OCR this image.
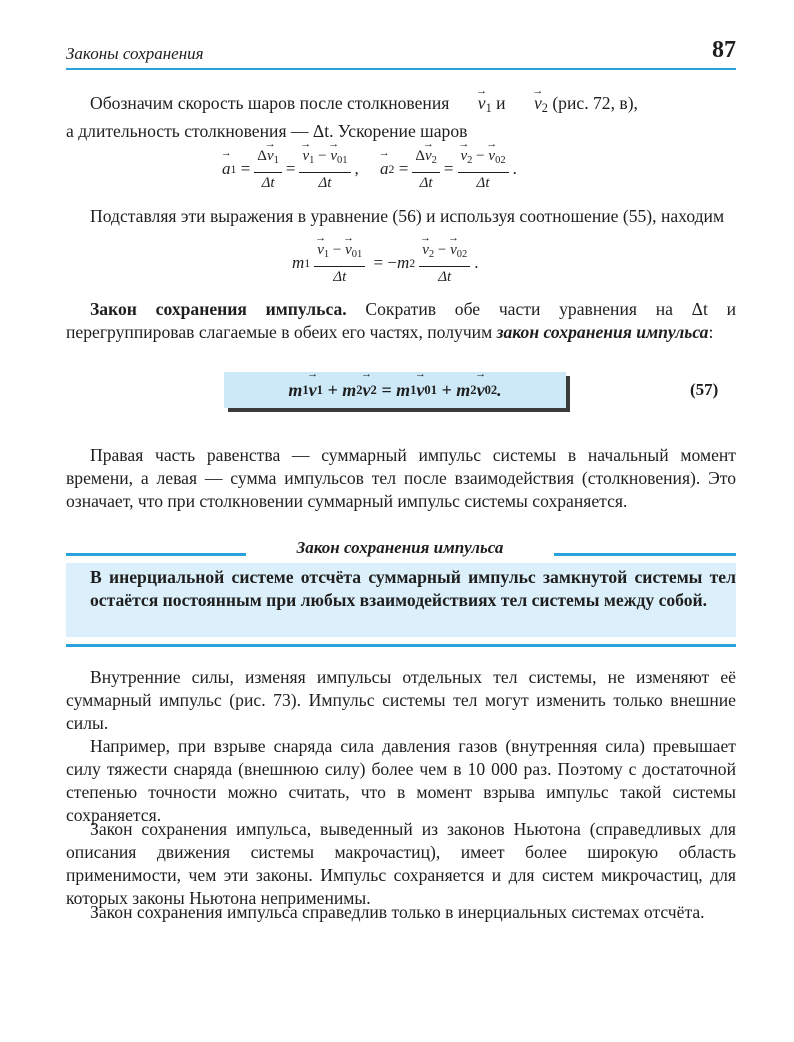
Законы сохранения	87

Обозначим скорость шаров после столкновения → $v_1$ $и \to v_2$ (рис. 72, в),
а длительность столкновения — Δt. Ускорение шаров

→ a $1 = \frac{\Delta\to v_1}{\Delta t}$ =
→ $\frac{v_1 - \to v_{01}}{\Delta t}$ ,
→ a $2 = \frac{\Delta\to v_2}{\Delta t}$ =
→ $\frac{v_2 - \to v_{02}}{\Delta t}$ .

Подставляя эти выражения в уравнение (56) и используя соотношение (55), находим

m 1
→ $\frac{v_1 - \to v_{01}}{\Delta t}$ = − m 2
→ $\frac{v_2 - \to v_{02}}{\Delta t}$ .

Закон сохранения импульса. Сократив обе части уравнения на Δt и перегруппировав слагаемые в обеих его частях, получим закон сохранения импульса:

m 1
→ v 1 + m 2
→ v 2 = m 1
→ v 01 + m 2
→ v 02 .	(57)

Правая часть равенства — суммарный импульс системы в начальный момент времени, а левая — сумма импульсов тел после взаимодействия (столкновения). Это означает, что при столкновении суммарный импульс системы сохраняется.

Закон сохранения импульса

В инерциальной системе отсчёта суммарный импульс замкнутой системы тел остаётся постоянным при любых взаимодействиях тел системы между собой.

Внутренние силы, изменяя импульсы отдельных тел системы, не изменяют её суммарный импульс (рис. 73). Импульс системы тел могут изменить только внешние силы.

Например, при взрыве снаряда сила давления газов (внутренняя сила) превышает силу тяжести снаряда (внешнюю силу) более чем в 10 000 раз. Поэтому с достаточной степенью точности можно считать, что в момент взрыва импульс такой системы сохраняется.

Закон сохранения импульса, выведенный из законов Ньютона (справедливых для описания движения системы макрочастиц), имеет более широкую область применимости, чем эти законы. Импульс сохраняется и для систем микрочастиц, для которых законы Ньютона неприменимы.

Закон сохранения импульса справедлив только в инерциальных системах отсчёта.
